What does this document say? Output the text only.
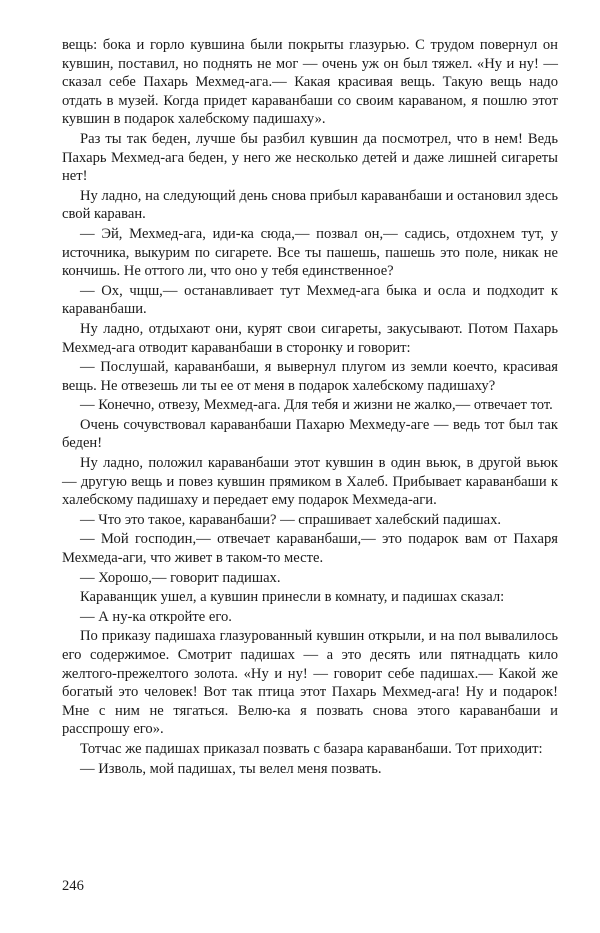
вещь: бока и горло кувшина были покрыты глазурью. С трудом повернул он кувшин, поставил, но поднять не мог — очень уж он был тяжел. «Ну и ну! — сказал себе Пахарь Мехмед-ага.— Какая красивая вещь. Такую вещь надо отдать в музей. Когда придет караванбаши со своим караваном, я пошлю этот кувшин в подарок халебскому падишаху».

Раз ты так беден, лучше бы разбил кувшин да посмотрел, что в нем! Ведь Пахарь Мехмед-ага беден, у него же несколько детей и даже лишней сигареты нет!

Ну ладно, на следующий день снова прибыл караванбаши и остановил здесь свой караван.

— Эй, Мехмед-ага, иди-ка сюда,— позвал он,— садись, отдохнем тут, у источника, выкурим по сигарете. Все ты пашешь, пашешь это поле, никак не кончишь. Не оттого ли, что оно у тебя единственное?

— Ох, чщш,— останавливает тут Мехмед-ага быка и осла и подходит к караванбаши.

Ну ладно, отдыхают они, курят свои сигареты, закусывают. Потом Пахарь Мехмед-ага отводит караванбаши в сторонку и говорит:

— Послушай, караванбаши, я вывернул плугом из земли коечто, красивая вещь. Не отвезешь ли ты ее от меня в подарок халебскому падишаху?

— Конечно, отвезу, Мехмед-ага. Для тебя и жизни не жалко,— отвечает тот.

Очень сочувствовал караванбаши Пахарю Мехмеду-аге — ведь тот был так беден!

Ну ладно, положил караванбаши этот кувшин в один вьюк, в другой вьюк — другую вещь и повез кувшин прямиком в Халеб. Прибывает караванбаши к халебскому падишаху и передает ему подарок Мехмеда-аги.

— Что это такое, караванбаши? — спрашивает халебский падишах.

— Мой господин,— отвечает караванбаши,— это подарок вам от Пахаря Мехмеда-аги, что живет в таком-то месте.

— Хорошо,— говорит падишах.

Караванщик ушел, а кувшин принесли в комнату, и падишах сказал:

— А ну-ка откройте его.

По приказу падишаха глазурованный кувшин открыли, и на пол вывалилось его содержимое. Смотрит падишах — а это десять или пятнадцать кило желтого-прежелтого золота. «Ну и ну! — говорит себе падишах.— Какой же богатый это человек! Вот так птица этот Пахарь Мехмед-ага! Ну и подарок! Мне с ним не тягаться. Велю-ка я позвать снова этого караванбаши и расспрошу его».

Тотчас же падишах приказал позвать с базара караванбаши. Тот приходит:

— Изволь, мой падишах, ты велел меня позвать.

246
